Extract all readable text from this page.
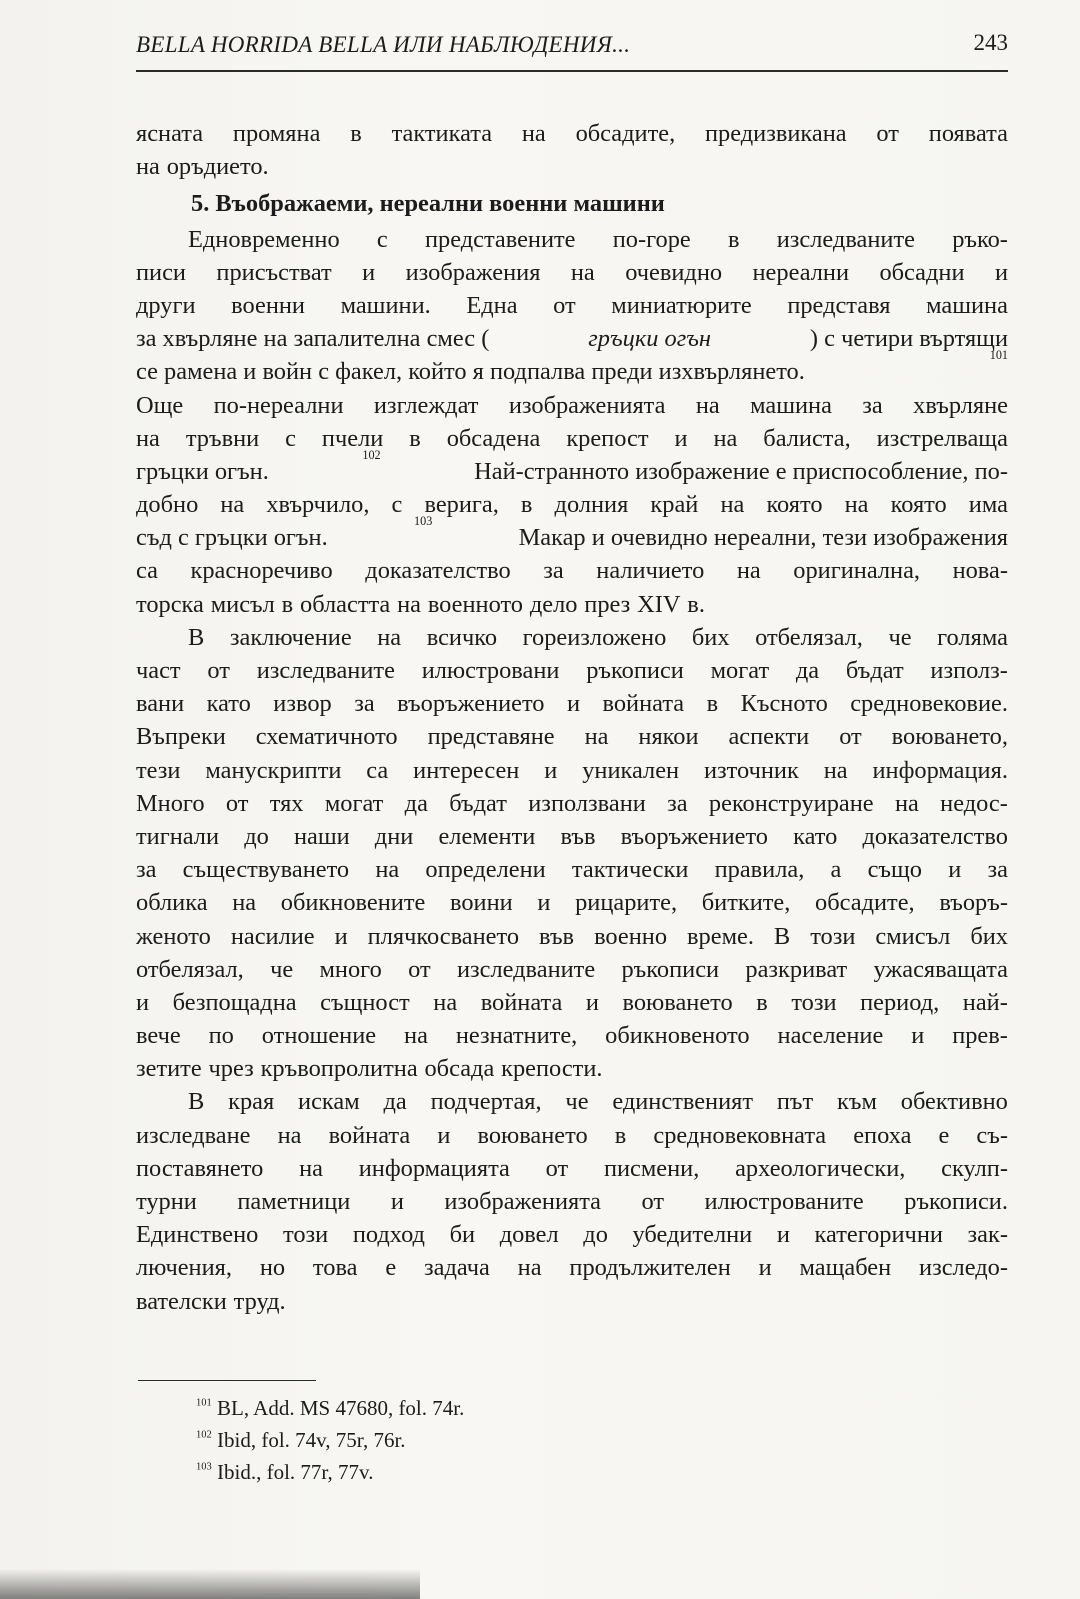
BELLA HORRIDA BELLA ИЛИ НАБЛЮДЕНИЯ...	243
ясната промяна в тактиката на обсадите, предизвикана от появата
на оръдието.
5. Въображаеми, нереални военни машини
Едновременно с представените по-горе в изследваните ръко-
писи присъстват и изображения на очевидно нереални обсадни и
други военни машини. Една от миниатюрите представя машина
за хвърляне на запалителна смес (	гръцки огън	) с четири въртящи
се рамена и войн с факел, който я подпалва преди изхвърлянето.
101
Още по-нереални изглеждат изображенията на машина за хвърляне
на тръвни с пчели в обсадена крепост и на балиста, изстрелваща
гръцки огън.
102
Най-странното изображение е приспособление, по-
добно на хвърчило, с верига, в долния край на която на която има
съд с гръцки огън.
103
Макар и очевидно нереални, тези изображения
са красноречиво доказателство за наличието на оригинална, нова-
торска мисъл в областта на военното дело през XIV в.
В заключение на всичко гореизложено бих отбелязал, че голяма
част от изследваните илюстровани ръкописи могат да бъдат използ-
вани като извор за въоръжението и войната в Късното средновековие.
Въпреки схематичното представяне на някои аспекти от воюването,
тези манускрипти са интересен и уникален източник на информация.
Много от тях могат да бъдат използвани за реконструиране на недос-
тигнали до наши дни елементи във въоръжението като доказателство
за съществуването на определени тактически правила, а също и за
облика на обикновените воини и рицарите, битките, обсадите, въоръ-
женото насилие и плячкосването във военно време. В този смисъл бих
отбелязал, че много от изследваните ръкописи разкриват ужасяващата
и безпощадна същност на войната и воюването в този период, най-
вече по отношение на незнатните, обикновеното население и прев-
зетите чрез кръвопролитна обсада крепости.
В края искам да подчертая, че единственият път към обективно
изследване на войната и воюването в средновековната епоха е съ-
поставянето на информацията от писмени, археологически, скулп-
турни паметници и изображенията от илюстрованите ръкописи.
Единствено този подход би довел до убедителни и категорични зак-
лючения, но това е задача на продължителен и мащабен изследо-
вателски труд.
$^{101}$ BL, Add. MS 47680, fol. 74r.
$^{102}$ Ibid, fol. 74v, 75r, 76r.
$^{103}$ Ibid., fol. 77r, 77v.
